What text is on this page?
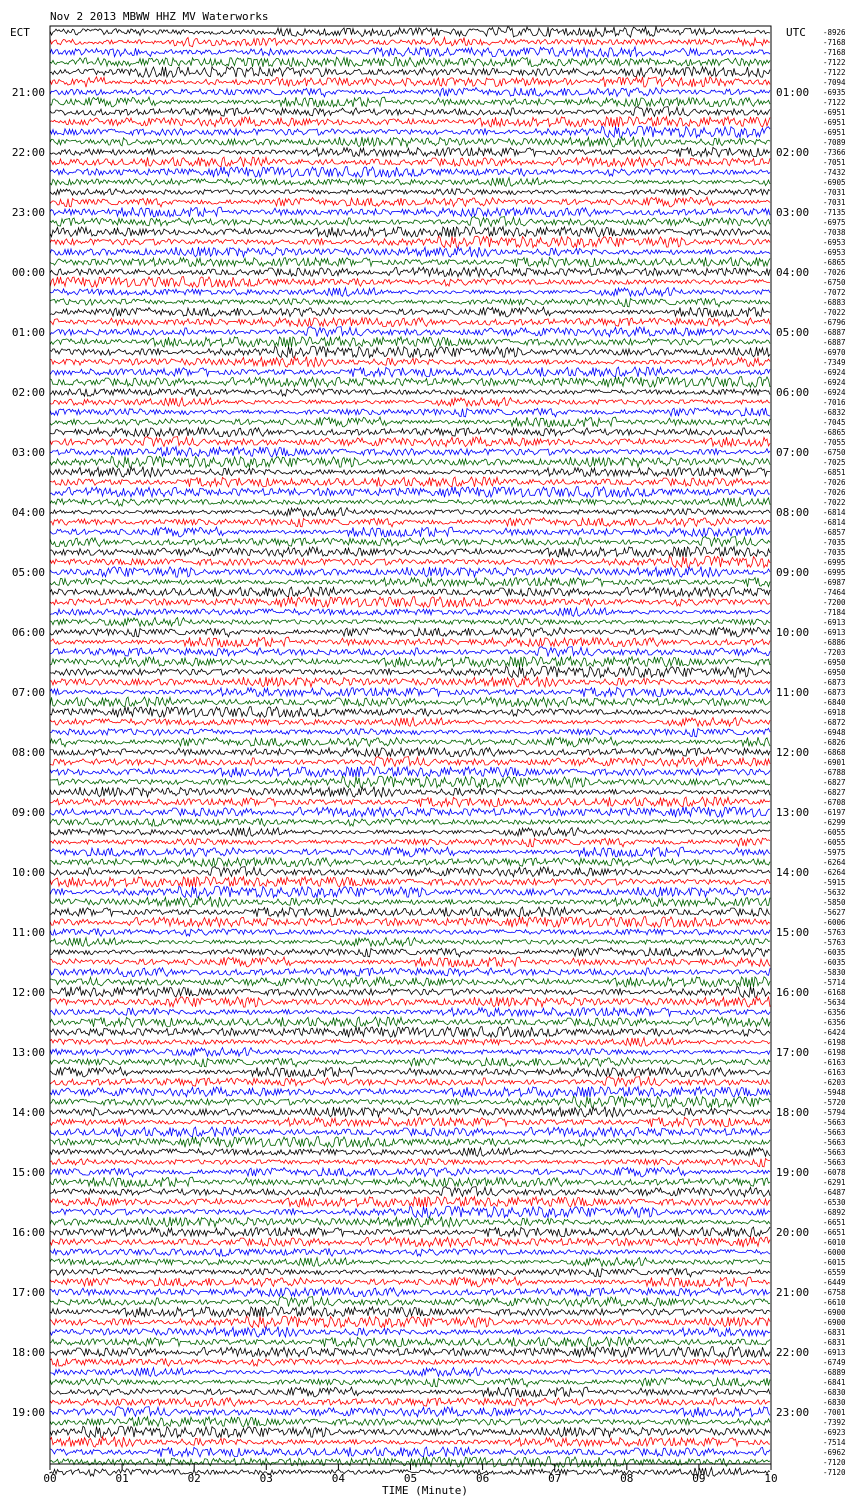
Nov 2 2013 MBWW HHZ MV Waterworks
ECT	UTC
21:00
22:00
23:00
00:00
01:00
02:00
03:00
04:00
05:00
06:00
07:00
08:00
09:00
10:00
11:00
12:00
13:00
14:00
15:00
16:00
17:00
18:00
19:00
01:00
02:00
03:00
04:00
05:00
06:00
07:00
08:00
09:00
10:00
11:00
12:00
13:00
14:00
15:00
16:00
17:00
18:00
19:00
20:00
21:00
22:00
23:00
-8926
-7168
-7168
-7122
-7122
-7094
-6935
-7122
-6951
-6951
-6951
-7089
-7366
-7051
-7432
-6905
-7031
-7031
-7135
-6975
-7038
-6953
-6953
-6865
-7026
-6750
-7072
-6883
-7022
-6796
-6887
-6887
-6970
-7349
-6924
-6924
-6924
-7016
-6832
-7045
-6865
-7055
-6750
-7025
-6851
-7026
-7026
-7022
-6814
-6814
-6857
-7035
-7035
-6995
-6995
-6987
-7464
-7200
-7184
-6913
-6913
-6886
-7203
-6950
-6950
-6873
-6873
-6840
-6918
-6872
-6948
-6826
-6868
-6901
-6788
-6827
-6827
-6708
-6197
-6299
-6055
-6055
-5975
-6264
-6264
-5915
-5632
-5850
-5627
-6006
-5763
-5763
-6035
-6035
-5830
-5714
-6168
-5634
-6356
-6356
-6424
-6198
-6198
-6163
-6163
-6203
-5948
-5720
-5794
-5663
-5663
-5663
-5663
-5663
-6078
-6291
-6487
-6530
-6892
-6651
-6651
-6010
-6000
-6015
-6559
-6449
-6758
-6610
-6900
-6900
-6831
-6831
-6913
-6749
-6889
-6841
-6830
-6830
-7001
-7392
-6923
-7514
-6962
-7120
-7120
00	01	02	03	04	05	06	07	08	09	10
TIME (Minute)
